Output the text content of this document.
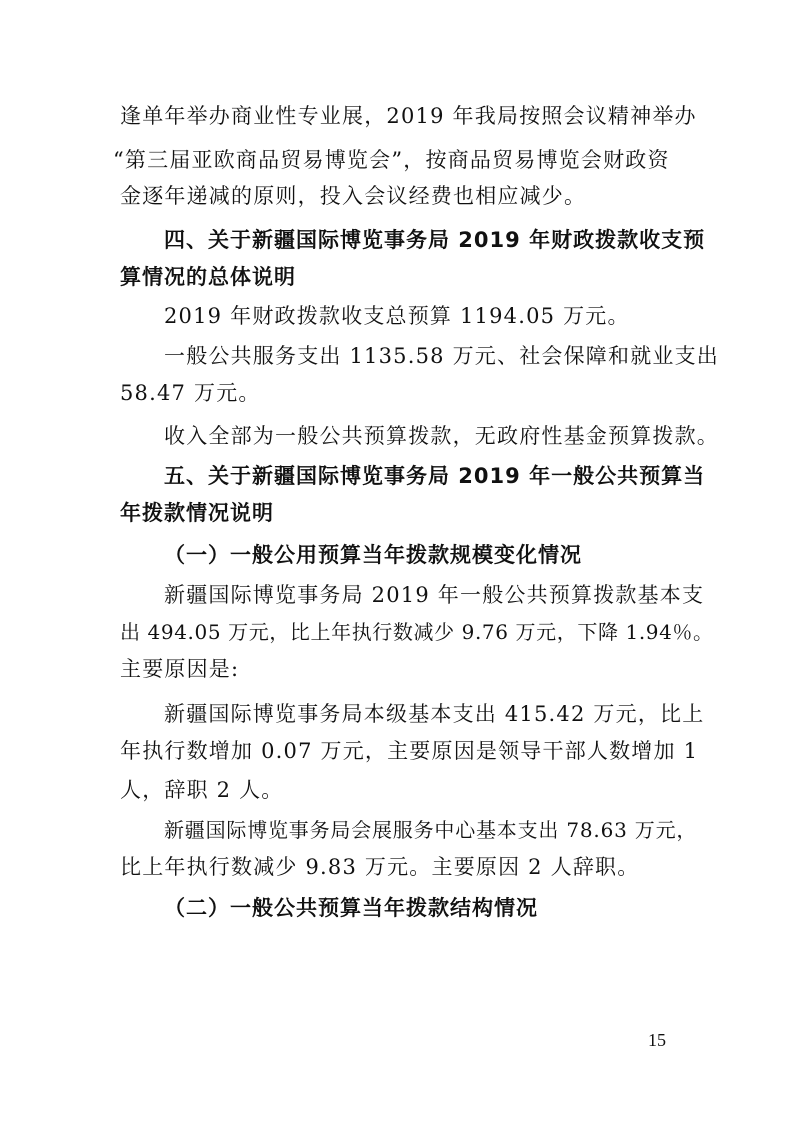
逢单年举办商业性专业展，2019 年我局按照会议精神举办
“第三届亚欧商品贸易博览会”，按商品贸易博览会财政资
金逐年递减的原则，投入会议经费也相应减少。
四、关于新疆国际博览事务局 2019 年财政拨款收支预
算情况的总体说明
2019 年财政拨款收支总预算 1194.05 万元。
一般公共服务支出 1135.58 万元、社会保障和就业支出
58.47 万元。
收入全部为一般公共预算拨款，无政府性基金预算拨款。
五、关于新疆国际博览事务局 2019 年一般公共预算当
年拨款情况说明
（一）一般公用预算当年拨款规模变化情况
新疆国际博览事务局 2019 年一般公共预算拨款基本支
出 494.05 万元，比上年执行数减少 9.76 万元，下降 1.94％。
主要原因是:
新疆国际博览事务局本级基本支出 415.42 万元，比上
年执行数增加 0.07 万元，主要原因是领导干部人数增加 1
人，辞职 2 人。
新疆国际博览事务局会展服务中心基本支出 78.63 万元，
比上年执行数减少 9.83 万元。主要原因 2 人辞职。
（二）一般公共预算当年拨款结构情况
15
